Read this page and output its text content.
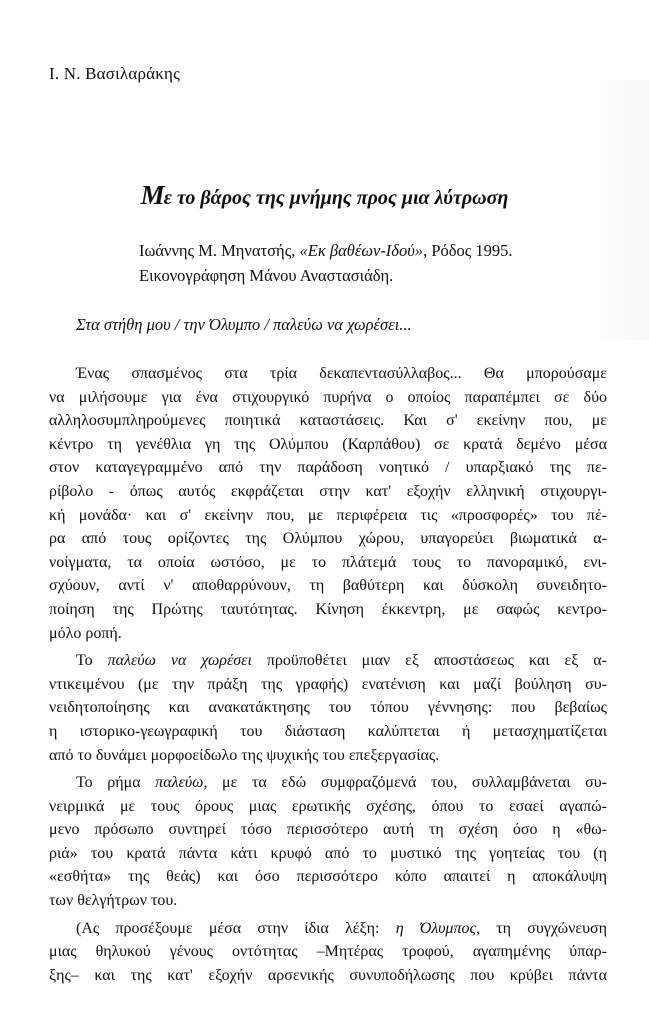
Ι. Ν. Βασιλαράκης

Με το βάρος της μνήμης προς μια λύτρωση
Ιωάννης Μ. Μηνατσής, «Εκ βαθέων-Ιδού», Ρόδος 1995.
Εικονογράφηση Μάνου Αναστασιάδη.

Στα στήθη μου / την Όλυμπο / παλεύω να χωρέσει...

Ένας σπασμένος στα τρία δεκαπεντασύλλαβος... Θα μπορούσαμε
να μιλήσουμε για ένα στιχουργικό πυρήνα ο οποίος παραπέμπει σε δύο
αλληλοσυμπληρούμενες ποιητικά καταστάσεις. Και σ' εκείνην που, με
κέντρο τη γενέθλια γη της Ολύμπου (Καρπάθου) σε κρατά δεμένο μέσα
στον καταγεγραμμένο από την παράδοση νοητικό / υπαρξιακό της πε-
ρίβολο - όπως αυτός εκφράζεται στην κατ' εξοχήν ελληνική στιχουργι-
κή μονάδα· και σ' εκείνην που, με περιφέρεια τις «προσφορές» του πέ-
ρα από τους ορίζοντες της Ολύμπου χώρου, υπαγορεύει βιωματικά α-
νοίγματα, τα οποία ωστόσο, με το πλάτεμά τους το πανοραμικό, ενι-
σχύουν, αντί ν' αποθαρρύνουν, τη βαθύτερη και δύσκολη συνειδητο-
ποίηση της Πρώτης ταυτότητας. Κίνηση έκκεντρη, με σαφώς κεντρο-
μόλο ροπή.
Το παλεύω να χωρέσει προϋποθέτει μιαν εξ αποστάσεως και εξ α-
ντικειμένου (με την πράξη της γραφής) ενατένιση και μαζί βούληση συ-
νειδητοποίησης και ανακατάκτησης του τόπου γέννησης: που βεβαίως
η ιστορικο-γεωγραφική του διάσταση καλύπτεται ή μετασχηματίζεται
από το δυνάμει μορφοείδωλο της ψυχικής του επεξεργασίας.
Το ρήμα παλεύω, με τα εδώ συμφραζόμενά του, συλλαμβάνεται συ-
νειρμικά με τους όρους μιας ερωτικής σχέσης, όπου το εσαεί αγαπώ-
μενο πρόσωπο συντηρεί τόσο περισσότερο αυτή τη σχέση όσο η «θω-
ριά» του κρατά πάντα κάτι κρυφό από το μυστικό της γοητείας του (η
«εσθήτα» της θεάς) και όσο περισσότερο κόπο απαιτεί η αποκάλυψη
των θελγήτρων του.
(Ας προσέξουμε μέσα στην ίδια λέξη: η Όλυμπος, τη συγχώνευση
μιας θηλυκού γένους οντότητας –Μητέρας τροφού, αγαπημένης ύπαρ-
ξης– και της κατ' εξοχήν αρσενικής συνυποδήλωσης που κρύβει πάντα
